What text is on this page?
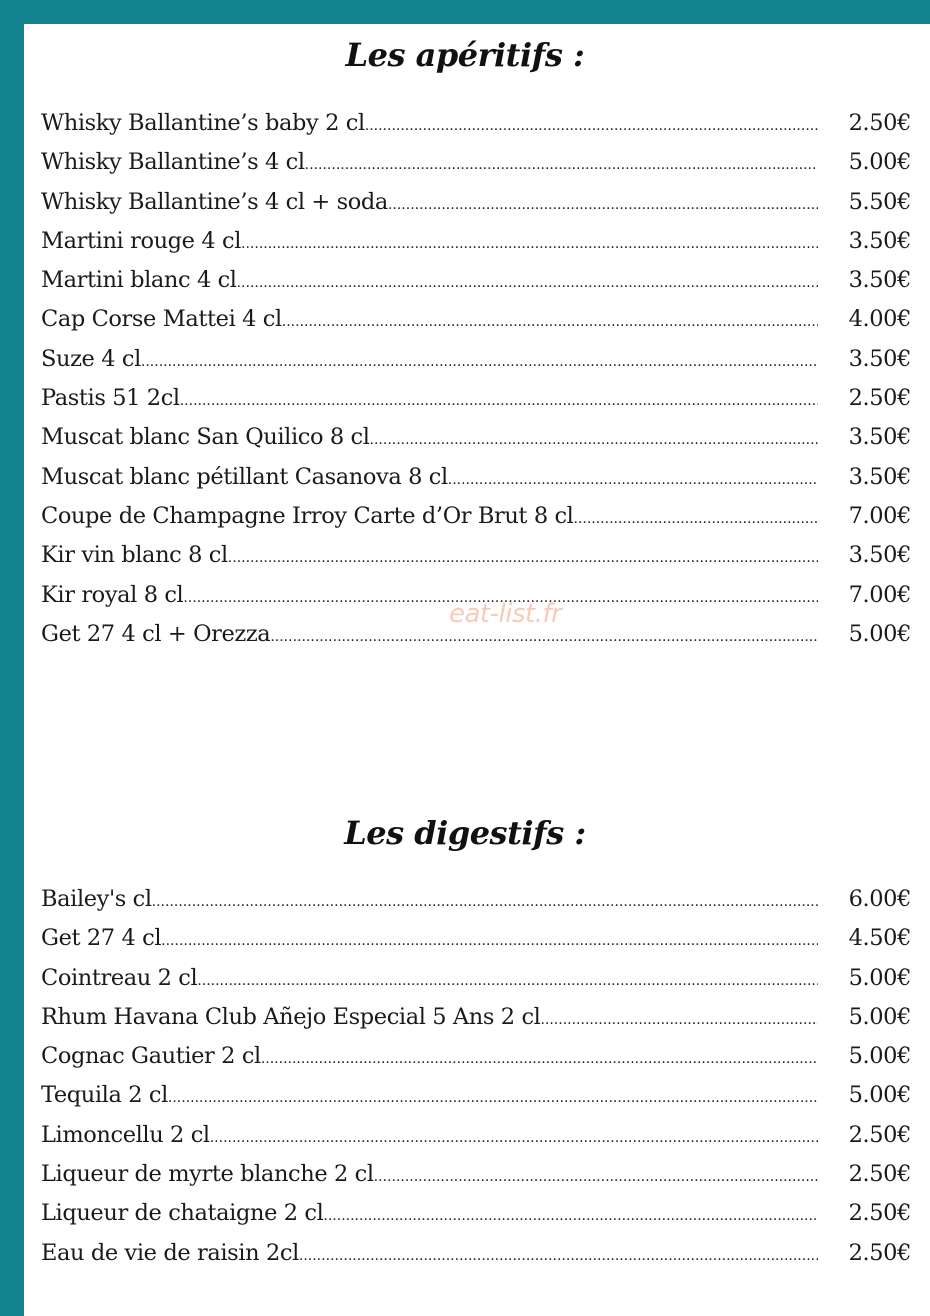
Les apéritifs :
Whisky Ballantine’s baby 2 cl .....	2.50€
Whisky Ballantine’s 4 cl .....	5.00€
Whisky Ballantine’s 4 cl + soda .....	5.50€
Martini rouge 4 cl .....	3.50€
Martini blanc 4 cl .....	3.50€
Cap Corse Mattei 4 cl .....	4.00€
Suze 4 cl .....	3.50€
Pastis 51 2cl .....	2.50€
Muscat blanc San Quilico 8 cl .....	3.50€
Muscat blanc pétillant Casanova 8 cl .....	3.50€
Coupe de Champagne Irroy Carte d’Or Brut 8 cl .....	7.00€
Kir vin blanc 8 cl .....	3.50€
Kir royal 8 cl .....	7.00€
Get 27 4 cl + Orezza .....	5.00€
Les digestifs :
Bailey's cl .....	6.00€
Get 27 4 cl .....	4.50€
Cointreau 2 cl .....	5.00€
Rhum Havana Club Añejo Especial 5 Ans 2 cl .....	5.00€
Cognac Gautier 2 cl .....	5.00€
Tequila 2 cl .....	5.00€
Limoncellu 2 cl .....	2.50€
Liqueur de myrte blanche 2 cl .....	2.50€
Liqueur de chataigne 2 cl .....	2.50€
Eau de vie de raisin 2cl .....	2.50€
eat-list.fr
